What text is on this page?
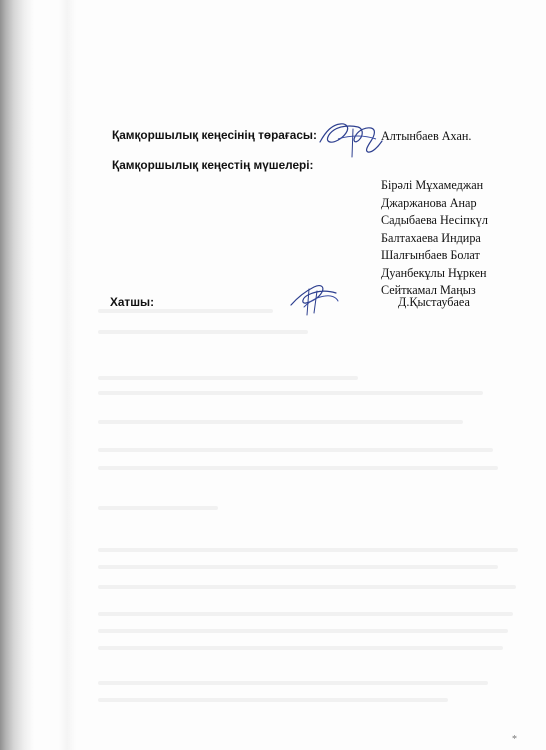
Қамқоршылық кеңесінің төрағасы:	Алтынбаев Ахан.
Қамқоршылық кеңестің мүшелері:
Бірәлі Мұхамеджан
Джаржанова Анар
Садыбаева Несіпкүл
Балтахаева Индира
Шалғынбаев Болат
Дуанбекұлы Нұркен
Сейткамал Маңыз
Хатшы:	Д.Қыстаубаеа
*
